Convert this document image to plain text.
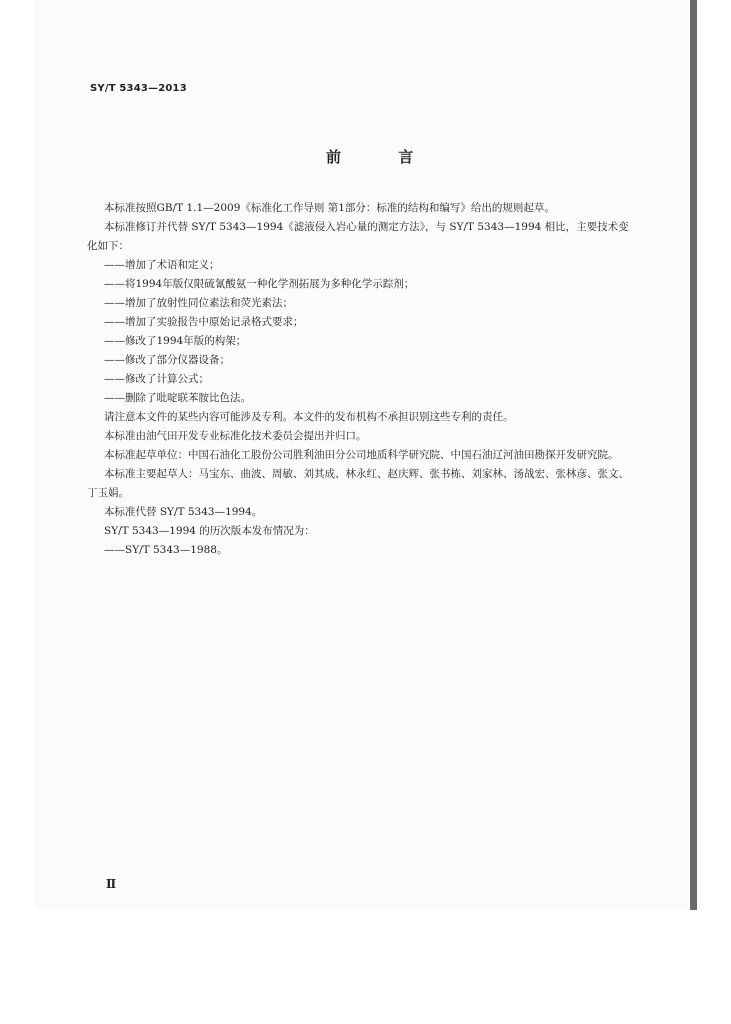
SY/T 5343—2013
前 言

本标准按照GB/T 1.1—2009《标准化工作导则 第1部分：标准的结构和编写》给出的规则起草。

本标准修订并代替 SY/T 5343—1994《滤液侵入岩心量的测定方法》，与 SY/T 5343—1994 相比，主要技术变化如下：

——增加了术语和定义；
——将1994年版仅限硫氰酸氨一种化学剂拓展为多种化学示踪剂；
——增加了放射性同位素法和荧光素法；
——增加了实验报告中原始记录格式要求；
——修改了1994年版的构架；
——修改了部分仪器设备；
——修改了计算公式；
——删除了吡啶联苯胺比色法。

请注意本文件的某些内容可能涉及专利。本文件的发布机构不承担识别这些专利的责任。

本标准由油气田开发专业标准化技术委员会提出并归口。

本标准起草单位：中国石油化工股份公司胜利油田分公司地质科学研究院、中国石油辽河油田勘探开发研究院。

本标准主要起草人：马宝东、曲波、周敏、刘其成、林永红、赵庆辉、张书栋、刘家林、汤战宏、张林彦、张文、丁玉娟。

本标准代替 SY/T 5343—1994。

SY/T 5343—1994 的历次版本发布情况为：

——SY/T 5343—1988。

Ⅱ
